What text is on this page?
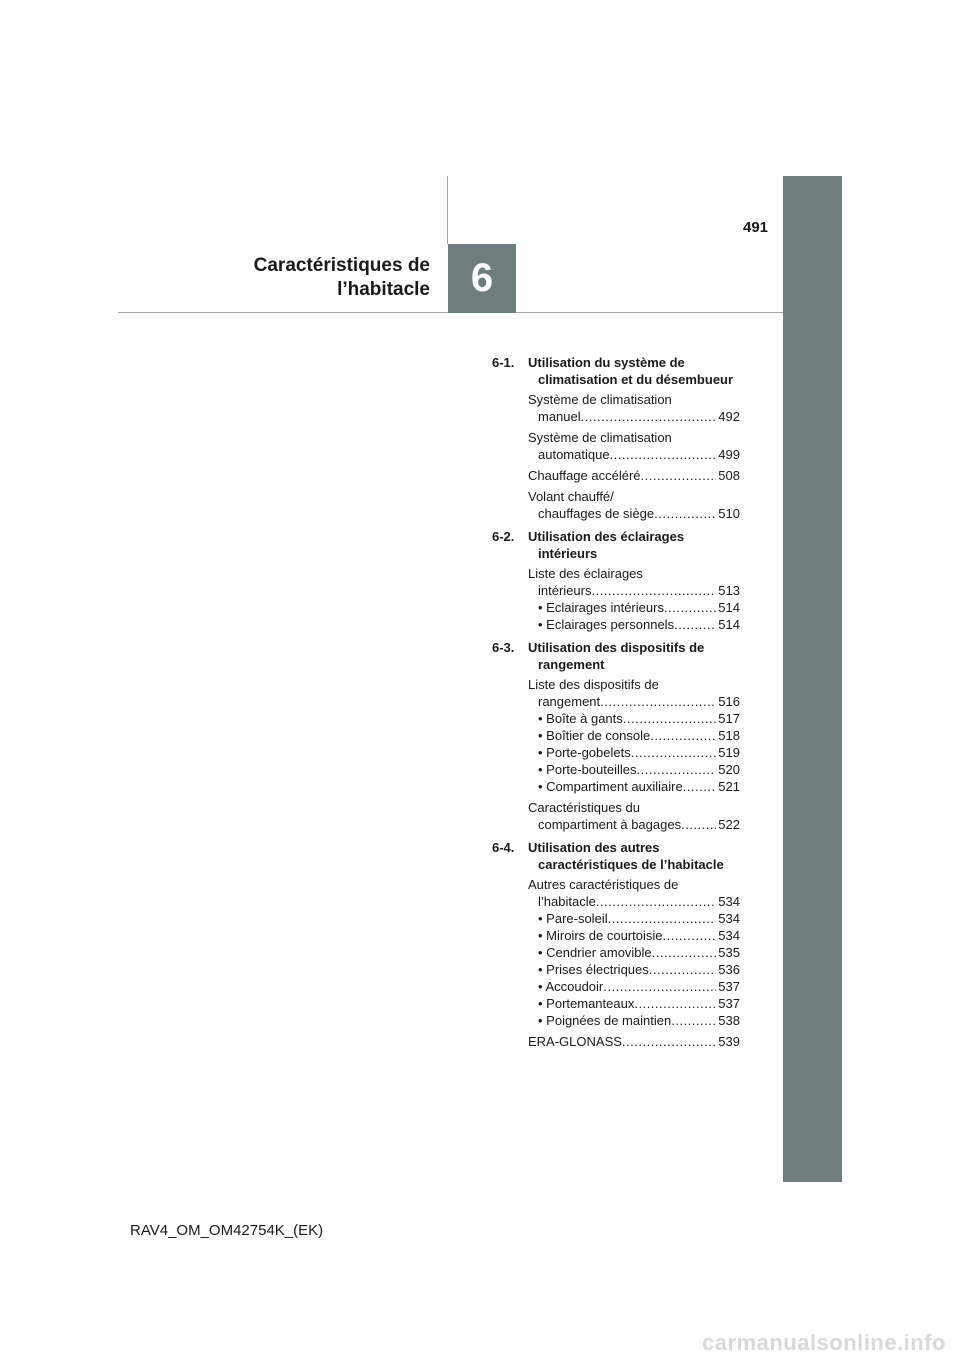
491
Caractéristiques de
l’habitacle 6
6-1.	Utilisation du système de climatisation et du désembueur
Système de climatisation
manuel .....	492
Système de climatisation
automatique .....	499
Chauffage accéléré .....	508
Volant chauffé/
chauffages de siège .....	510
6-2.	Utilisation des éclairages intérieurs
Liste des éclairages
intérieurs .....	513
• Eclairages intérieurs .....	514
• Eclairages personnels .....	514
6-3.	Utilisation des dispositifs de rangement
Liste des dispositifs de
rangement .....	516
• Boîte à gants .....	517
• Boîtier de console .....	518
• Porte-gobelets .....	519
• Porte-bouteilles .....	520
• Compartiment auxiliaire .....	521
Caractéristiques du
compartiment à bagages .....	522
6-4.	Utilisation des autres caractéristiques de l’habitacle
Autres caractéristiques de
l’habitacle .....	534
• Pare-soleil .....	534
• Miroirs de courtoisie .....	534
• Cendrier amovible .....	535
• Prises électriques .....	536
• Accoudoir .....	537
• Portemanteaux .....	537
• Poignées de maintien .....	538
ERA-GLONASS .....	539
RAV4_OM_OM42754K_(EK)
carmanualsonline.info
